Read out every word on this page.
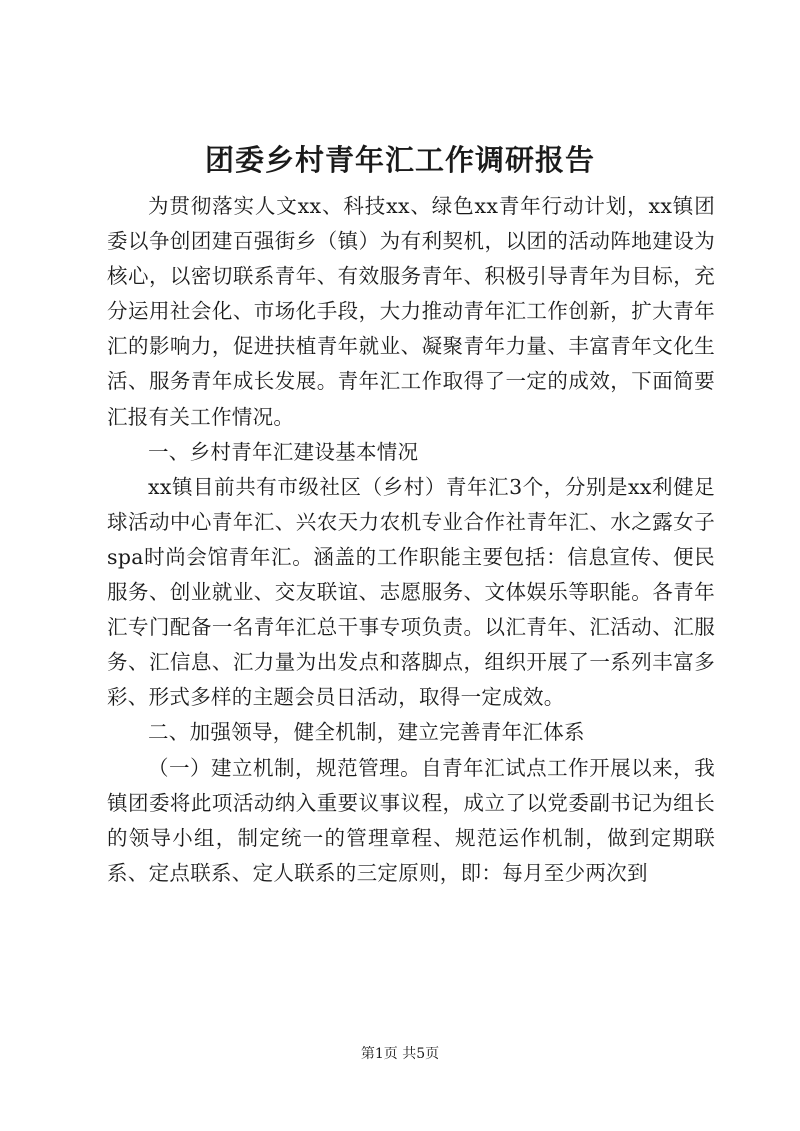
团委乡村青年汇工作调研报告

为贯彻落实人文xx、科技xx、绿色xx青年行动计划，xx镇团委以争创团建百强街乡（镇）为有利契机，以团的活动阵地建设为核心，以密切联系青年、有效服务青年、积极引导青年为目标，充分运用社会化、市场化手段，大力推动青年汇工作创新，扩大青年汇的影响力，促进扶植青年就业、凝聚青年力量、丰富青年文化生活、服务青年成长发展。青年汇工作取得了一定的成效，下面简要汇报有关工作情况。

一、乡村青年汇建设基本情况

xx镇目前共有市级社区（乡村）青年汇3个，分别是xx利健足球活动中心青年汇、兴农天力农机专业合作社青年汇、水之露女子spa时尚会馆青年汇。涵盖的工作职能主要包括：信息宣传、便民服务、创业就业、交友联谊、志愿服务、文体娱乐等职能。各青年汇专门配备一名青年汇总干事专项负责。以汇青年、汇活动、汇服务、汇信息、汇力量为出发点和落脚点，组织开展了一系列丰富多彩、形式多样的主题会员日活动，取得一定成效。

二、加强领导，健全机制，建立完善青年汇体系

（一）建立机制，规范管理。自青年汇试点工作开展以来，我镇团委将此项活动纳入重要议事议程，成立了以党委副书记为组长的领导小组，制定统一的管理章程、规范运作机制，做到定期联系、定点联系、定人联系的三定原则，即：每月至少两次到

第1页 共5页
